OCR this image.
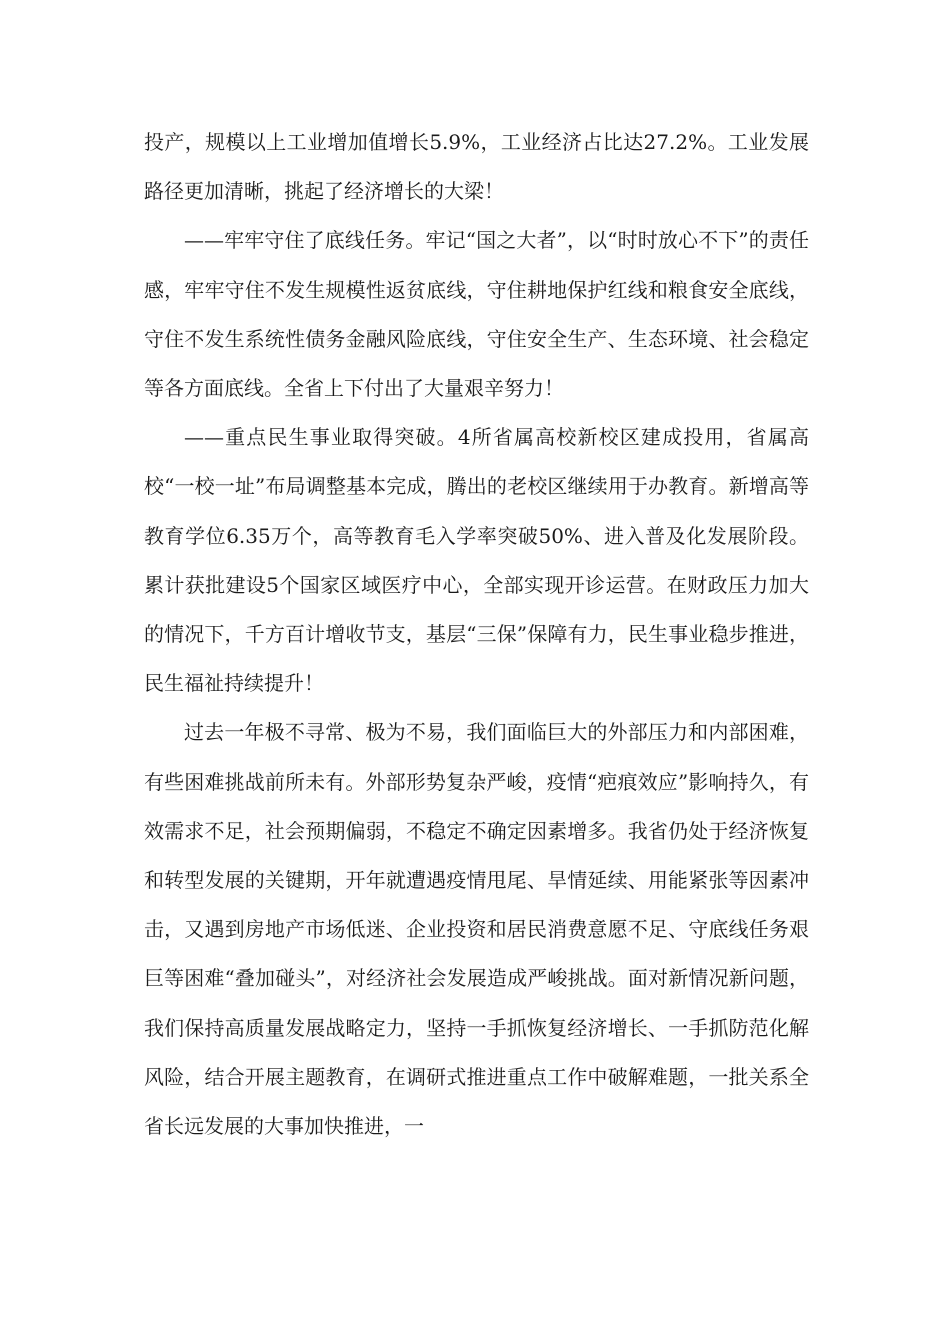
投产，规模以上工业增加值增长5.9%，工业经济占比达27.2%。工业发展路径更加清晰，挑起了经济增长的大梁！

——牢牢守住了底线任务。牢记“国之大者”，以“时时放心不下”的责任感，牢牢守住不发生规模性返贫底线，守住耕地保护红线和粮食安全底线，守住不发生系统性债务金融风险底线，守住安全生产、生态环境、社会稳定等各方面底线。全省上下付出了大量艰辛努力！

——重点民生事业取得突破。4所省属高校新校区建成投用，省属高校“一校一址”布局调整基本完成，腾出的老校区继续用于办教育。新增高等教育学位6.35万个，高等教育毛入学率突破50%、进入普及化发展阶段。累计获批建设5个国家区域医疗中心，全部实现开诊运营。在财政压力加大的情况下，千方百计增收节支，基层“三保”保障有力，民生事业稳步推进，民生福祉持续提升！

过去一年极不寻常、极为不易，我们面临巨大的外部压力和内部困难，有些困难挑战前所未有。外部形势复杂严峻，疫情“疤痕效应”影响持久，有效需求不足，社会预期偏弱，不稳定不确定因素增多。我省仍处于经济恢复和转型发展的关键期，开年就遭遇疫情甩尾、旱情延续、用能紧张等因素冲击，又遇到房地产市场低迷、企业投资和居民消费意愿不足、守底线任务艰巨等困难“叠加碰头”，对经济社会发展造成严峻挑战。面对新情况新问题，我们保持高质量发展战略定力，坚持一手抓恢复经济增长、一手抓防范化解风险，结合开展主题教育，在调研式推进重点工作中破解难题，一批关系全省长远发展的大事加快推进，一
